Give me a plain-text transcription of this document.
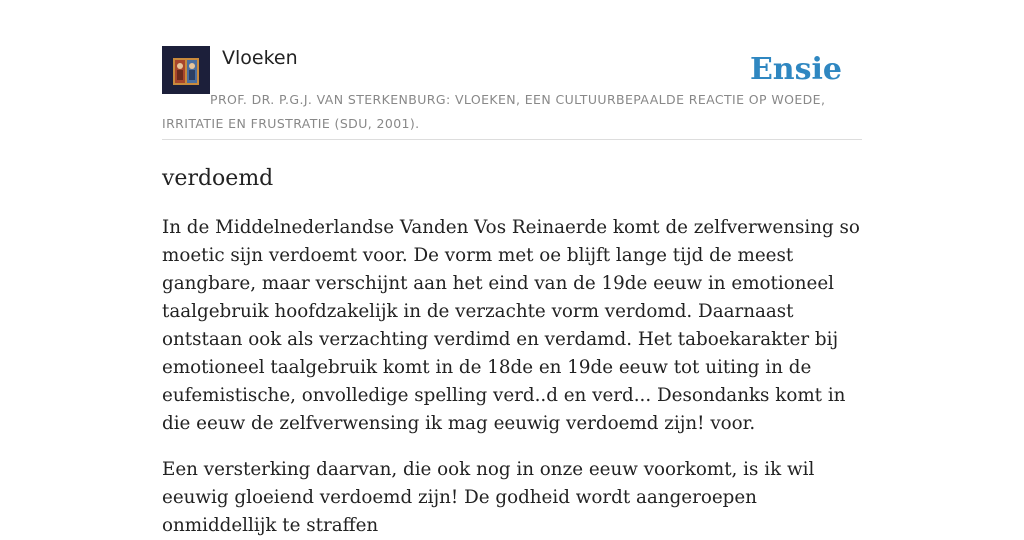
Vloeken	Ensie

PROF. DR. P.G.J. VAN STERKENBURG: VLOEKEN, EEN CULTUURBEPAALDE REACTIE OP WOEDE, IRRITATIE EN FRUSTRATIE (SDU, 2001).

verdoemd

In de Middelnederlandse Vanden Vos Reinaerde komt de zelfverwensing so moetic sijn verdoemt voor. De vorm met oe blijft lange tijd de meest gangbare, maar verschijnt aan het eind van de 19de eeuw in emotioneel taalgebruik hoofdzakelijk in de verzachte vorm verdomd. Daarnaast ontstaan ook als verzachting verdimd en verdamd. Het taboekarakter bij emotioneel taalgebruik komt in de 18de en 19de eeuw tot uiting in de eufemistische, onvolledige spelling verd..d en verd... Desondanks komt in die eeuw de zelfverwensing ik mag eeuwig verdoemd zijn! voor.

Een versterking daarvan, die ook nog in onze eeuw voorkomt, is ik wil eeuwig gloeiend verdoemd zijn! De godheid wordt aangeroepen onmiddellijk te straffen
